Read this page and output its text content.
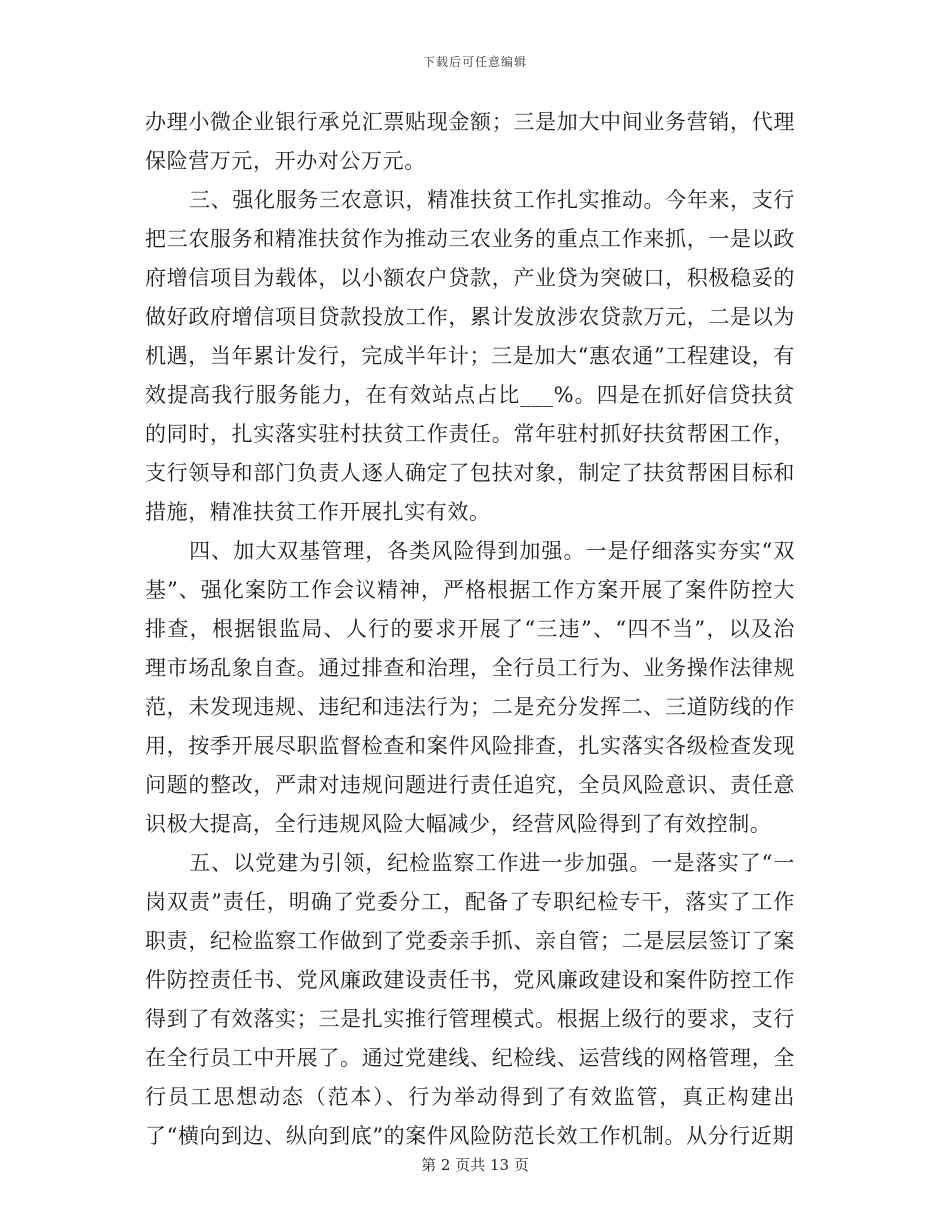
下载后可任意编辑

办理小微企业银行承兑汇票贴现金额；三是加大中间业务营销，代理保险营万元，开办对公万元。

三、强化服务三农意识，精准扶贫工作扎实推动。今年来，支行把三农服务和精准扶贫作为推动三农业务的重点工作来抓，一是以政府增信项目为载体，以小额农户贷款，产业贷为突破口，积极稳妥的做好政府增信项目贷款投放工作，累计发放涉农贷款万元，二是以为机遇，当年累计发行，完成半年计；三是加大“惠农通”工程建设，有效提高我行服务能力，在有效站点占比___%。四是在抓好信贷扶贫的同时，扎实落实驻村扶贫工作责任。常年驻村抓好扶贫帮困工作，支行领导和部门负责人逐人确定了包扶对象，制定了扶贫帮困目标和措施，精准扶贫工作开展扎实有效。

四、加大双基管理，各类风险得到加强。一是仔细落实夯实“双基”、强化案防工作会议精神，严格根据工作方案开展了案件防控大排查，根据银监局、人行的要求开展了“三违”、“四不当”，以及治理市场乱象自查。通过排查和治理，全行员工行为、业务操作法律规范，未发现违规、违纪和违法行为；二是充分发挥二、三道防线的作用，按季开展尽职监督检查和案件风险排查，扎实落实各级检查发现问题的整改，严肃对违规问题进行责任追究，全员风险意识、责任意识极大提高，全行违规风险大幅减少，经营风险得到了有效控制。

五、以党建为引领，纪检监察工作进一步加强。一是落实了“一岗双责”责任，明确了党委分工，配备了专职纪检专干，落实了工作职责，纪检监察工作做到了党委亲手抓、亲自管；二是层层签订了案件防控责任书、党风廉政建设责任书，党风廉政建设和案件防控工作得到了有效落实；三是扎实推行管理模式。根据上级行的要求，支行在全行员工中开展了。通过党建线、纪检线、运营线的网格管理，全行员工思想动态（范本）、行为举动得到了有效监管，真正构建出了“横向到边、纵向到底”的案件风险防范长效工作机制。从分行近期

第 2 页共 13 页
